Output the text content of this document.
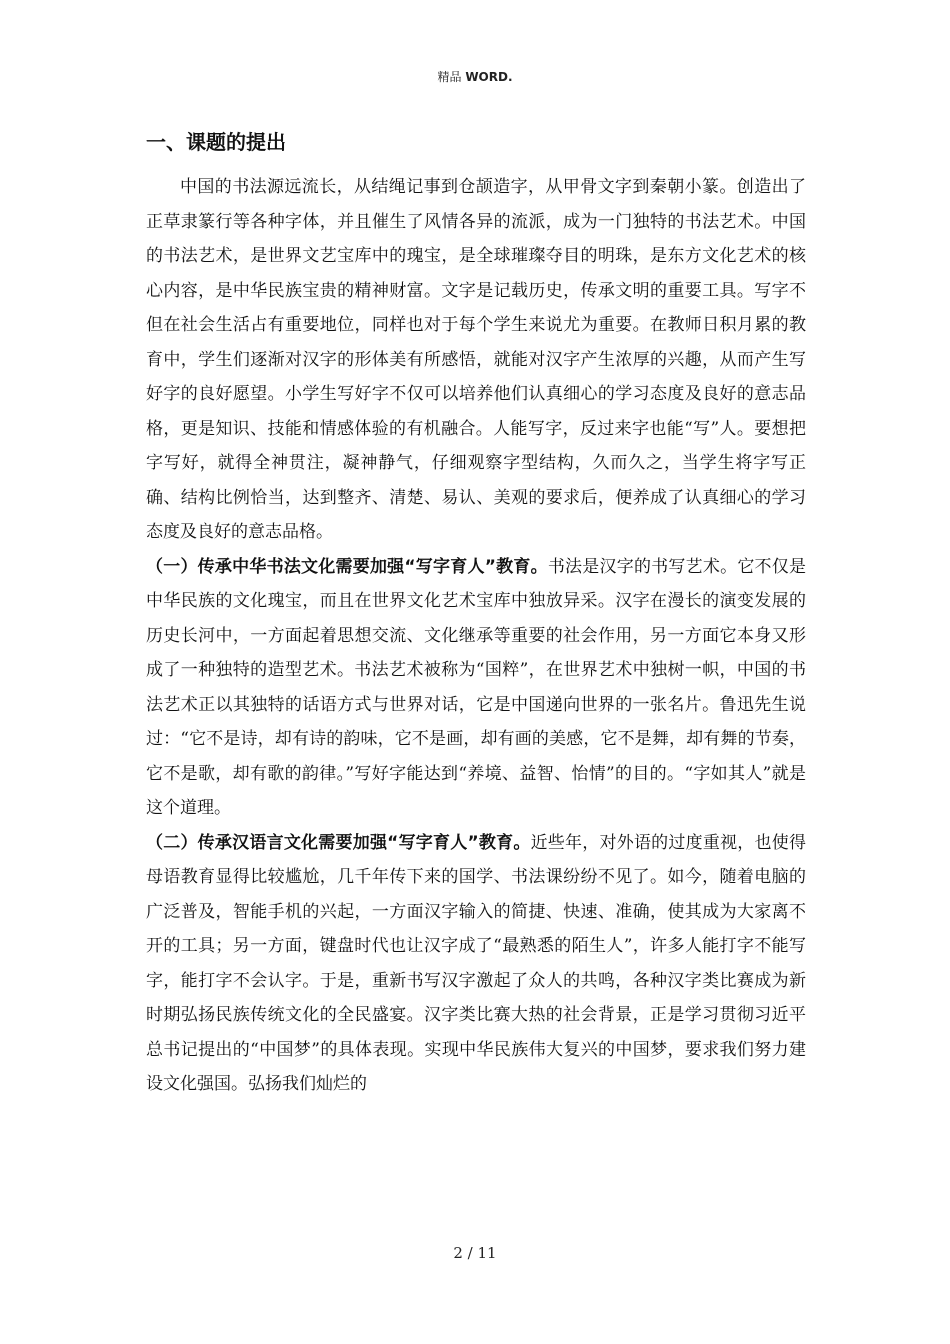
精品 WORD.
一、课题的提出

中国的书法源远流长，从结绳记事到仓颉造字，从甲骨文字到秦朝小篆。创造出了正草隶篆行等各种字体，并且催生了风情各异的流派，成为一门独特的书法艺术。中国的书法艺术，是世界文艺宝库中的瑰宝，是全球璀璨夺目的明珠，是东方文化艺术的核心内容，是中华民族宝贵的精神财富。文字是记载历史，传承文明的重要工具。写字不但在社会生活占有重要地位，同样也对于每个学生来说尤为重要。在教师日积月累的教育中，学生们逐渐对汉字的形体美有所感悟，就能对汉字产生浓厚的兴趣，从而产生写好字的良好愿望。小学生写好字不仅可以培养他们认真细心的学习态度及良好的意志品格，更是知识、技能和情感体验的有机融合。人能写字，反过来字也能“写”人。要想把字写好，就得全神贯注，凝神静气，仔细观察字型结构，久而久之，当学生将字写正确、结构比例恰当，达到整齐、清楚、易认、美观的要求后，便养成了认真细心的学习态度及良好的意志品格。

（一）传承中华书法文化需要加强“写字育人”教育。书法是汉字的书写艺术。它不仅是中华民族的文化瑰宝，而且在世界文化艺术宝库中独放异采。汉字在漫长的演变发展的历史长河中，一方面起着思想交流、文化继承等重要的社会作用，另一方面它本身又形成了一种独特的造型艺术。书法艺术被称为“国粹”，在世界艺术中独树一帜，中国的书法艺术正以其独特的话语方式与世界对话，它是中国递向世界的一张名片。鲁迅先生说过：“它不是诗，却有诗的韵味，它不是画，却有画的美感，它不是舞，却有舞的节奏，它不是歌，却有歌的韵律。”写好字能达到“养境、益智、怡情”的目的。“字如其人”就是这个道理。

（二）传承汉语言文化需要加强“写字育人”教育。近些年，对外语的过度重视，也使得母语教育显得比较尴尬，几千年传下来的国学、书法课纷纷不见了。如今，随着电脑的广泛普及，智能手机的兴起，一方面汉字输入的简捷、快速、准确，使其成为大家离不开的工具；另一方面，键盘时代也让汉字成了“最熟悉的陌生人”，许多人能打字不能写字，能打字不会认字。于是，重新书写汉字激起了众人的共鸣，各种汉字类比赛成为新时期弘扬民族传统文化的全民盛宴。汉字类比赛大热的社会背景，正是学习贯彻习近平总书记提出的“中国梦”的具体表现。实现中华民族伟大复兴的中国梦，要求我们努力建设文化强国。弘扬我们灿烂的

2 / 11
